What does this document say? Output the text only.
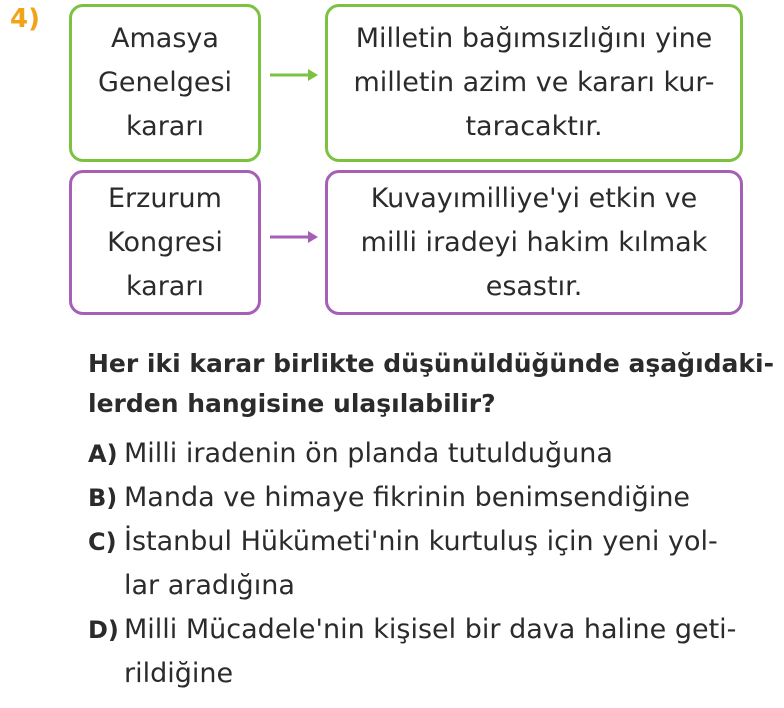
4)
Amasya
Genelgesi
kararı
Milletin bağımsızlığını yine
milletin azim ve kararı kur-
taracaktır.
Erzurum
Kongresi
kararı
Kuvayımilliye'yi etkin ve
milli iradeyi hakim kılmak
esastır.
Her iki karar birlikte düşünüldüğünde aşağıdaki-
lerden hangisine ulaşılabilir?
A) Milli iradenin ön planda tutulduğuna
B) Manda ve himaye fikrinin benimsendiğine
C) İstanbul Hükümeti'nin kurtuluş için yeni yol-
lar aradığına
D) Milli Mücadele'nin kişisel bir dava haline geti-
rildiğine
